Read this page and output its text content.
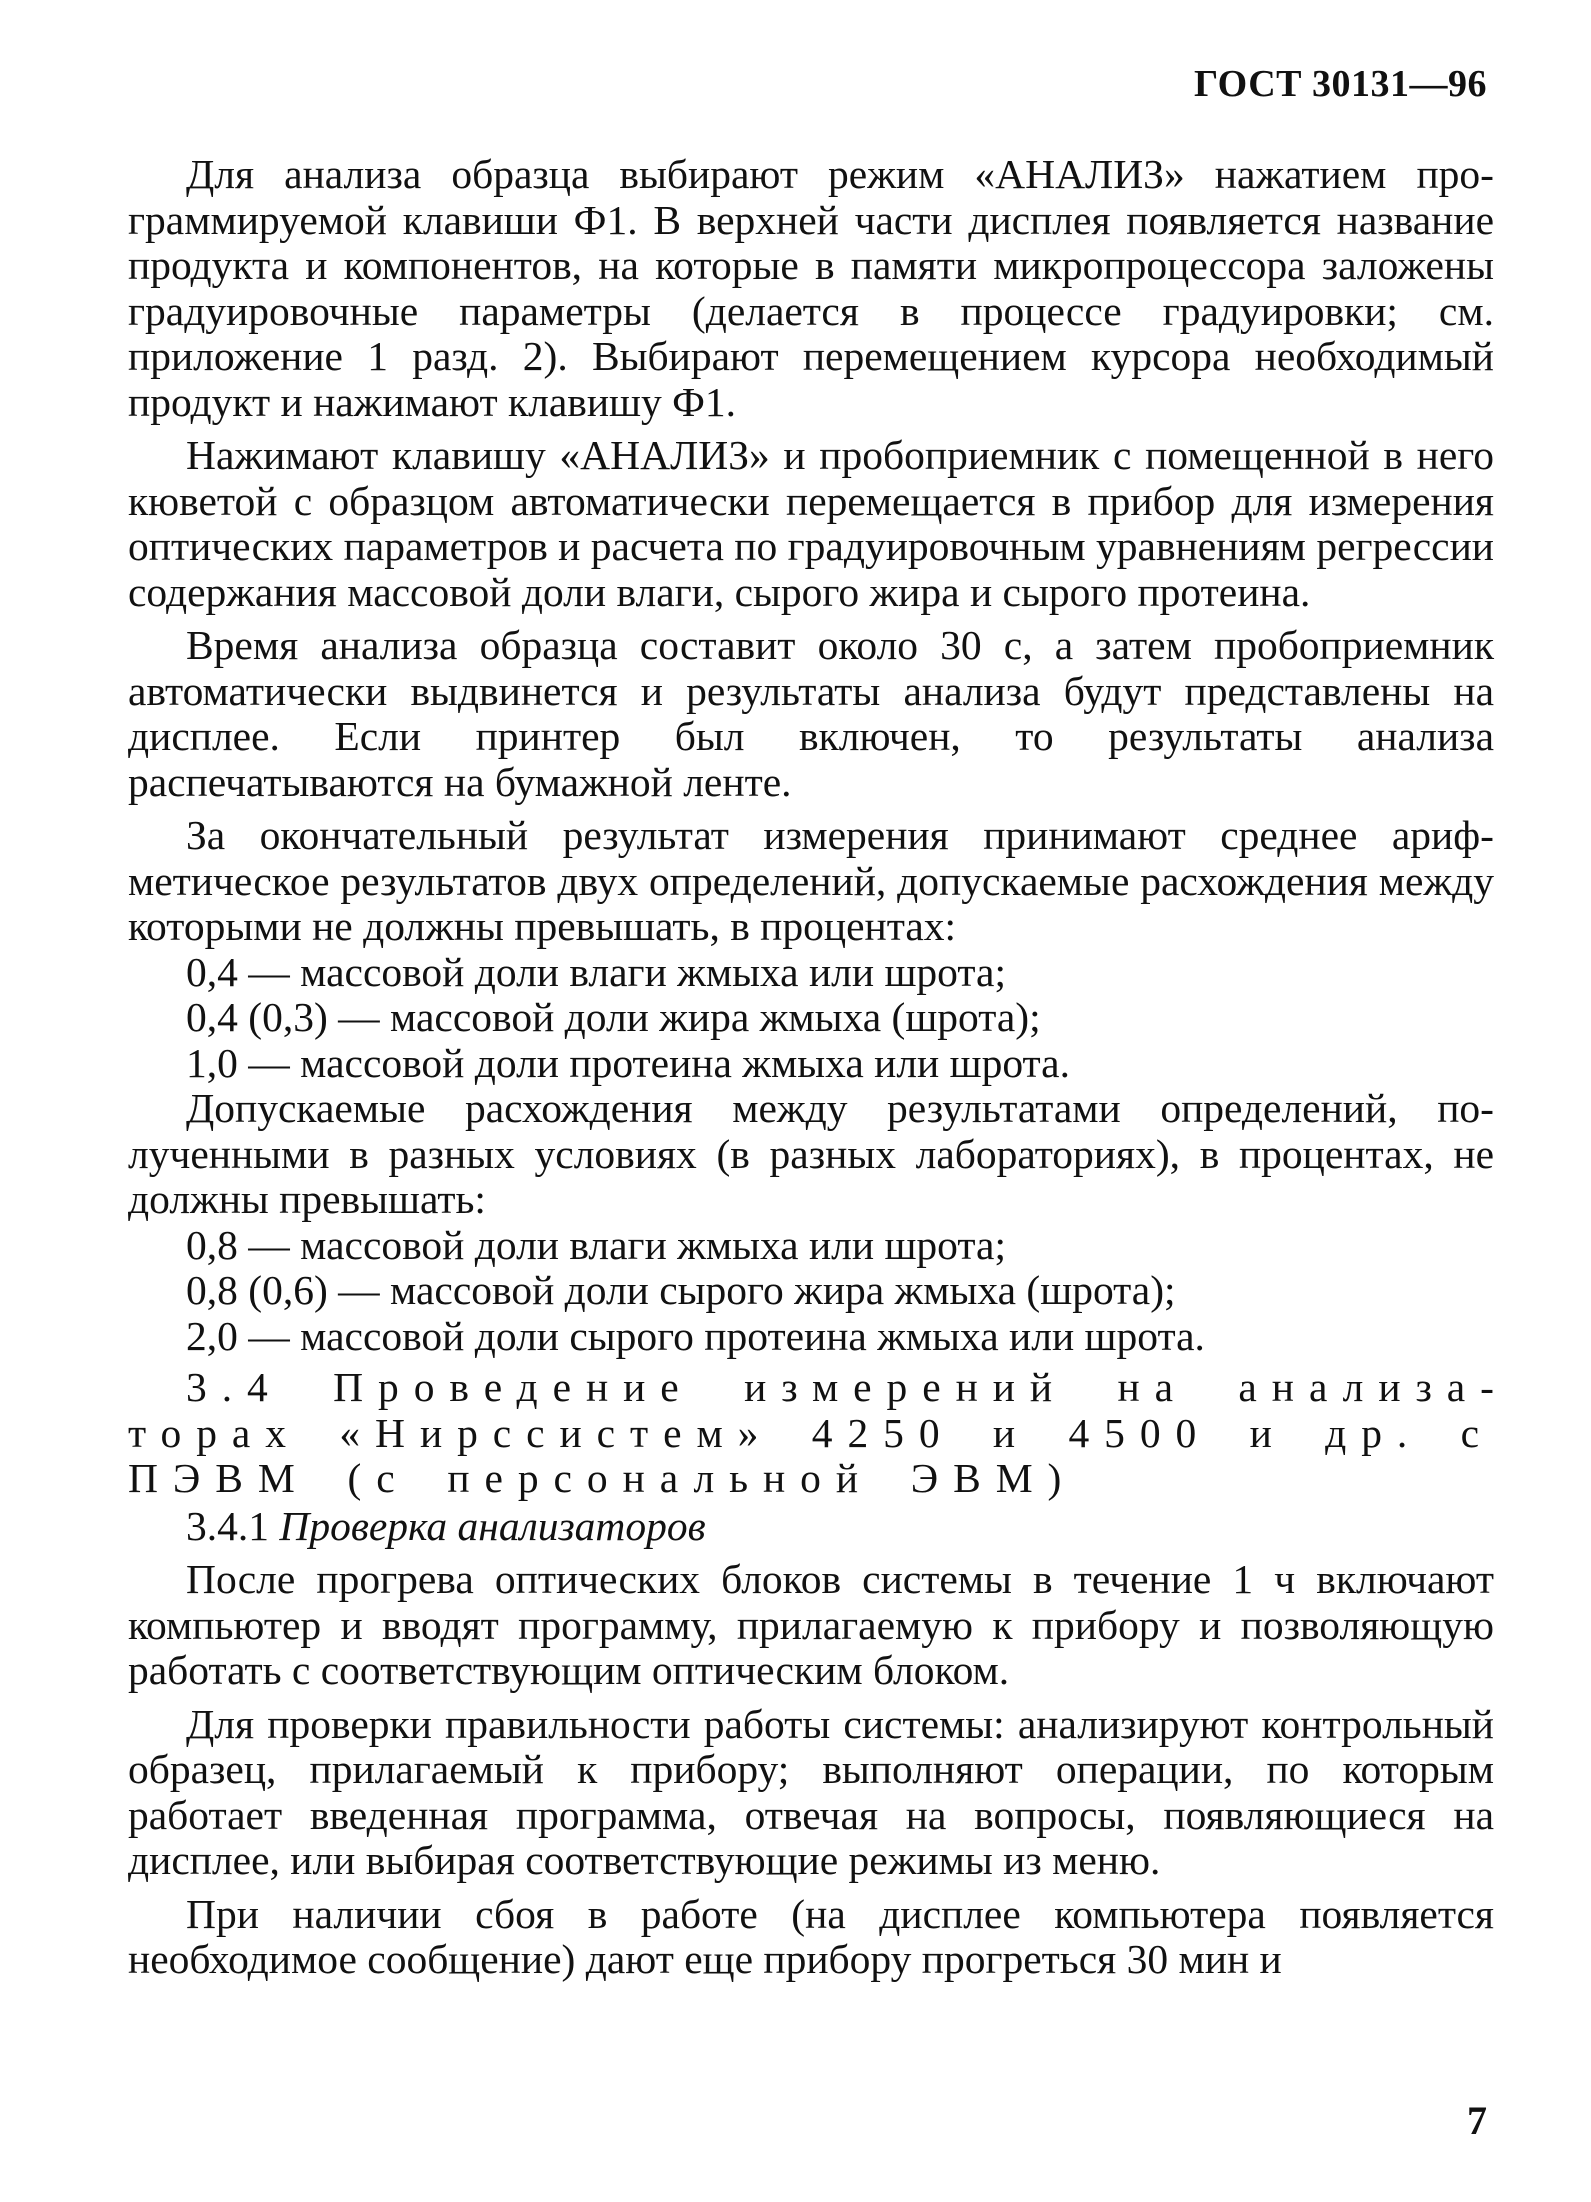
ГОСТ 30131—96

Для анализа образца выбирают режим «АНАЛИЗ» нажатием программируемой клавиши Ф1. В верхней части дисплея появляется название продукта и компонентов, на которые в памяти микропроцессора заложены градуировочные параметры (делается в процессе градуировки; см. приложение 1 разд. 2). Выбирают перемещением курсора необходимый продукт и нажимают клавишу Ф1.

Нажимают клавишу «АНАЛИЗ» и пробоприемник с помещенной в него кюветой с образцом автоматически перемещается в прибор для измерения оптических параметров и расчета по градуировочным уравнениям регрессии содержания массовой доли влаги, сырого жира и сырого протеина.

Время анализа образца составит около 30 с, а затем пробоприемник автоматически выдвинется и результаты анализа будут представлены на дисплее. Если принтер был включен, то результаты анализа распечатываются на бумажной ленте.

За окончательный результат измерения принимают среднее арифметическое результатов двух определений, допускаемые расхождения между которыми не должны превышать, в процентах:

0,4 — массовой доли влаги жмыха или шрота;

0,4 (0,3) — массовой доли жира жмыха (шрота);

1,0 — массовой доли протеина жмыха или шрота.

Допускаемые расхождения между результатами определений, полученными в разных условиях (в разных лабораториях), в процентах, не должны превышать:

0,8 — массовой доли влаги жмыха или шрота;

0,8 (0,6) — массовой доли сырого жира жмыха (шрота);

2,0 — массовой доли сырого протеина жмыха или шрота.

3.4 Проведение измерений на анализаторах «Нирссистем» 4250 и 4500 и др. с ПЭВМ (с персональной ЭВМ)

3.4.1 Проверка анализаторов

После прогрева оптических блоков системы в течение 1 ч включают компьютер и вводят программу, прилагаемую к прибору и позволяющую работать с соответствующим оптическим блоком.

Для проверки правильности работы системы: анализируют контрольный образец, прилагаемый к прибору; выполняют операции, по которым работает введенная программа, отвечая на вопросы, появляющиеся на дисплее, или выбирая соответствующие режимы из меню.

При наличии сбоя в работе (на дисплее компьютера появляется необходимое сообщение) дают еще прибору прогреться 30 мин и

7
